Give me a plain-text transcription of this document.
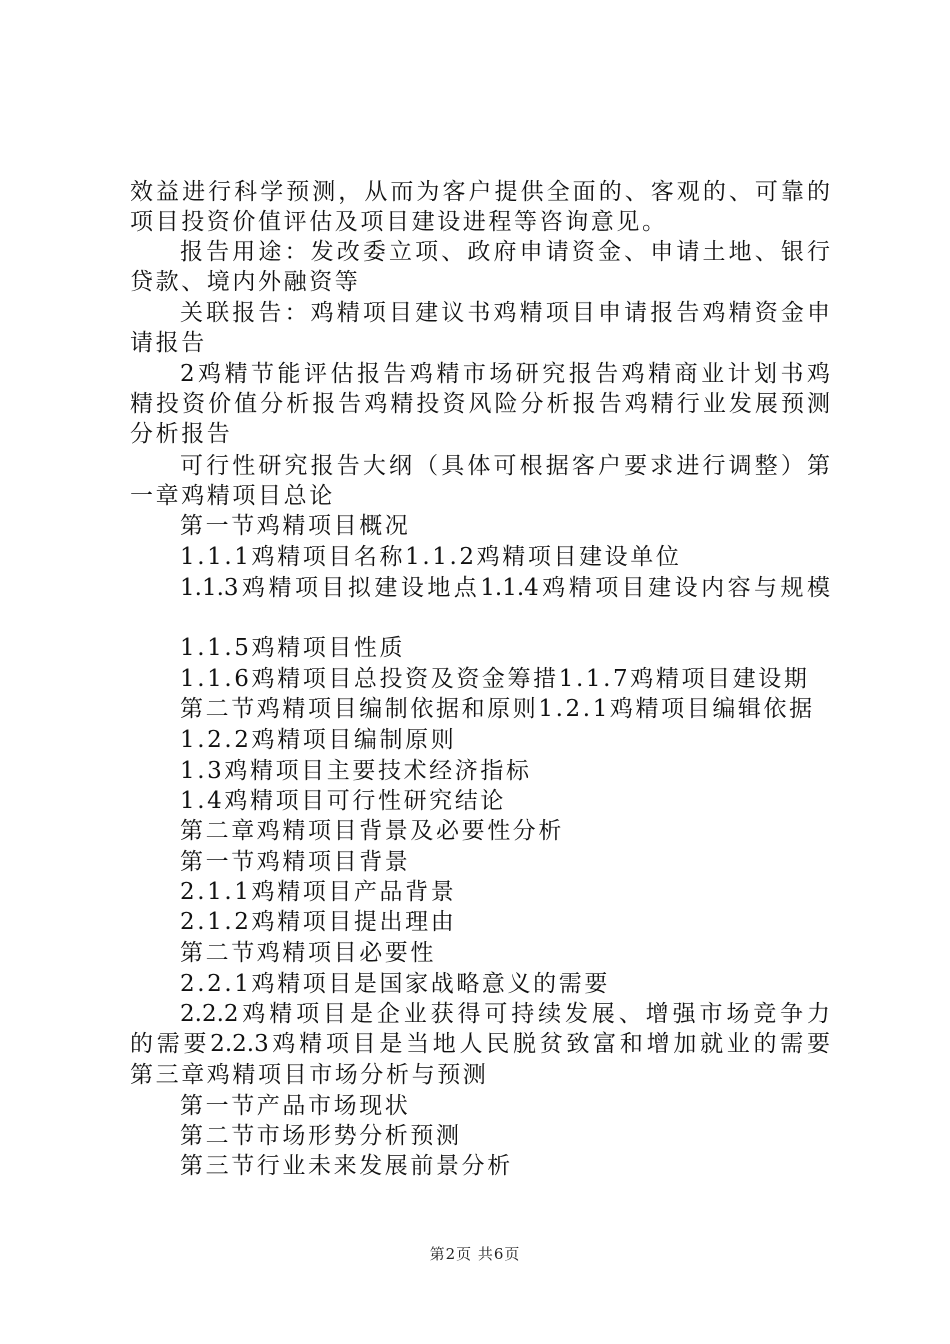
效益进行科学预测，从而为客户提供全面的、客观的、可靠的
项目投资价值评估及项目建设进程等咨询意见。
报告用途：发改委立项、政府申请资金、申请土地、银行
贷款、境内外融资等
关联报告：鸡精项目建议书鸡精项目申请报告鸡精资金申
请报告
2鸡精节能评估报告鸡精市场研究报告鸡精商业计划书鸡
精投资价值分析报告鸡精投资风险分析报告鸡精行业发展预测
分析报告
可行性研究报告大纲（具体可根据客户要求进行调整）第
一章鸡精项目总论
第一节鸡精项目概况
1.1.1鸡精项目名称1.1.2鸡精项目建设单位
1.1.3鸡精项目拟建设地点1.1.4鸡精项目建设内容与规模
1.1.5鸡精项目性质
1.1.6鸡精项目总投资及资金筹措1.1.7鸡精项目建设期
第二节鸡精项目编制依据和原则1.2.1鸡精项目编辑依据
1.2.2鸡精项目编制原则
1.3鸡精项目主要技术经济指标
1.4鸡精项目可行性研究结论
第二章鸡精项目背景及必要性分析
第一节鸡精项目背景
2.1.1鸡精项目产品背景
2.1.2鸡精项目提出理由
第二节鸡精项目必要性
2.2.1鸡精项目是国家战略意义的需要
2.2.2鸡精项目是企业获得可持续发展、增强市场竞争力
的需要2.2.3鸡精项目是当地人民脱贫致富和增加就业的需要
第三章鸡精项目市场分析与预测
第一节产品市场现状
第二节市场形势分析预测
第三节行业未来发展前景分析
第2页 共6页
